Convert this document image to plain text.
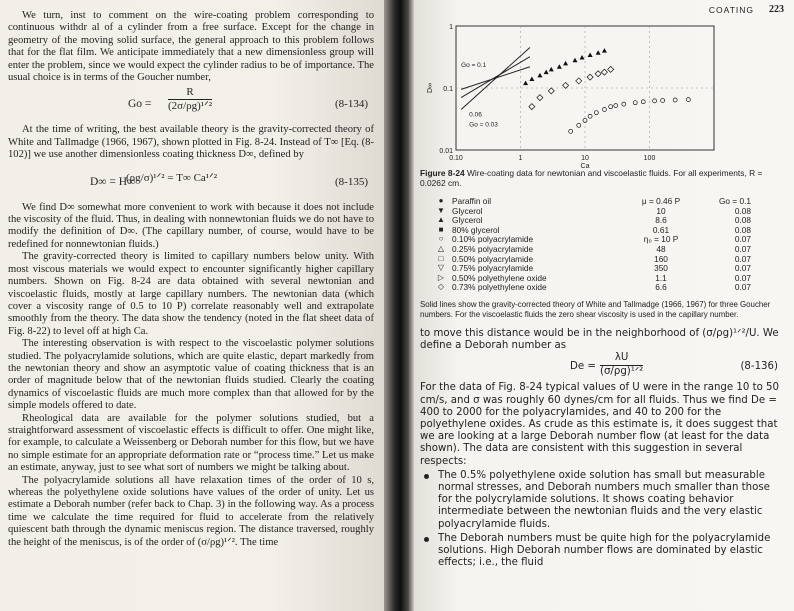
We turn, inst to comment on the wire-coating problem corresponding to continuous withdr al of a cylinder from a free surface. Except for the change in geometry of the moving solid surface, the general approach to this problem follows that for the flat film. We anticipate immediately that a new dimensionless group will enter the problem, since we would expect the cylinder radius to be of importance. The usual choice is in terms of the Goucher number,

Go =
R
(2σ/ρg)¹ᐟ²	(8-134)

At the time of writing, the best available theory is the gravity-corrected theory of White and Tallmadge (1966, 1967), shown plotted in Fig. 8-24. Instead of T∞ [Eq. (8-102)] we use another dimensionless coating thickness D∞, defined by

D∞ = H∞
(ρg/σ)¹ᐟ² = T∞ Ca¹ᐟ²	(8-135)

We find D∞ somewhat more convenient to work with because it does not include the viscosity of the fluid. Thus, in dealing with nonnewtonian fluids we do not have to modify the definition of D∞. (The capillary number, of course, would have to be redefined for nonnewtonian fluids.)

The gravity-corrected theory is limited to capillary numbers below unity. With most viscous materials we would expect to encounter significantly higher capillary numbers. Shown on Fig. 8-24 are data obtained with several newtonian and viscoelastic fluids, mostly at large capillary numbers. The newtonian data (which cover a viscosity range of 0.5 to 10 P) correlate reasonably well and extrapolate smoothly from the theory. The data show the tendency (noted in the flat sheet data of Fig. 8-22) to level off at high Ca.

The interesting observation is with respect to the viscoelastic polymer solutions studied. The polyacrylamide solutions, which are quite elastic, depart markedly from the newtonian theory and show an asymptotic value of coating thickness that is an order of magnitude below that of the newtonian fluids studied. Clearly the coating dynamics of viscoelastic fluids are much more complex than that allowed for by the simple models offered to date.

Rheological data are available for the polymer solutions studied, but a straightforward assessment of viscoelastic effects is difficult to offer. One might like, for example, to calculate a Weissenberg or Deborah number for this flow, but we have no simple estimate for an appropriate deformation rate or “process time.” Let us make an estimate, anyway, just to see what sort of numbers we might be talking about.

The polyacrylamide solutions all have relaxation times of the order of 10 s, whereas the polyethylene oxide solutions have values of the order of unity. Let us estimate a Deborah number (refer back to Chap. 3) in the following way. As a process time we calculate the time required for fluid to accelerate from the relatively quiescent bath through the dynamic meniscus region. The distance traversed, roughly the height of the meniscus, is of the order of (σ/ρg)¹ᐟ². The time

COATING 223
0.10	1	10	100
0.01
0.1
1
Ca
D∞
Go = 0.1
0.06
Go = 0.03
Figure 8-24 Wire-coating data for newtonian and viscoelastic fluids. For all experiments, R = 0.0262 cm.
●	Paraffin oil	μ = 0.46 P	Go = 0.1
▼ Glycerol	10	0.08
▲ Glycerol	8.6	0.08
■	80% glycerol	0.61	0.08
○	0.10% polyacrylamide	η₀ = 10 P	0.07
△ 0.25% polyacrylamide	48	0.07
□	0.50% polyacrylamide	160	0.07
▽ 0.75% polyacrylamide	350	0.07
▷ 0.50% polyethylene oxide	1.1	0.07
◇ 0.73% polyethylene oxide	6.6	0.07
Solid lines show the gravity-corrected theory of White and Tallmadge (1966, 1967) for three Goucher numbers. For the viscoelastic fluids the zero shear viscosity is used in the capillary number.

to move this distance would be in the neighborhood of (σ/ρg)¹ᐟ²/U. We define a Deborah number as

De =
λU
(σ/ρg)¹ᐟ²	(8-136)

For the data of Fig. 8-24 typical values of U were in the range 10 to 50 cm/s, and σ was roughly 60 dynes/cm for all fluids. Thus we find De = 400 to 2000 for the polyacrylamides, and 40 to 200 for the polyethylene oxides. As crude as this estimate is, it does suggest that we are looking at a large Deborah number flow (at least for the data shown). The data are consistent with this suggestion in several respects:

The 0.5% polyethylene oxide solution has small but measurable normal stresses, and Deborah numbers much smaller than those for the polycrylamide solutions. It shows coating behavior intermediate between the newtonian fluids and the very elastic polyacrylamide fluids.
The Deborah numbers must be quite high for the polyacrylamide solutions. High Deborah number flows are dominated by elastic effects; i.e., the fluid
